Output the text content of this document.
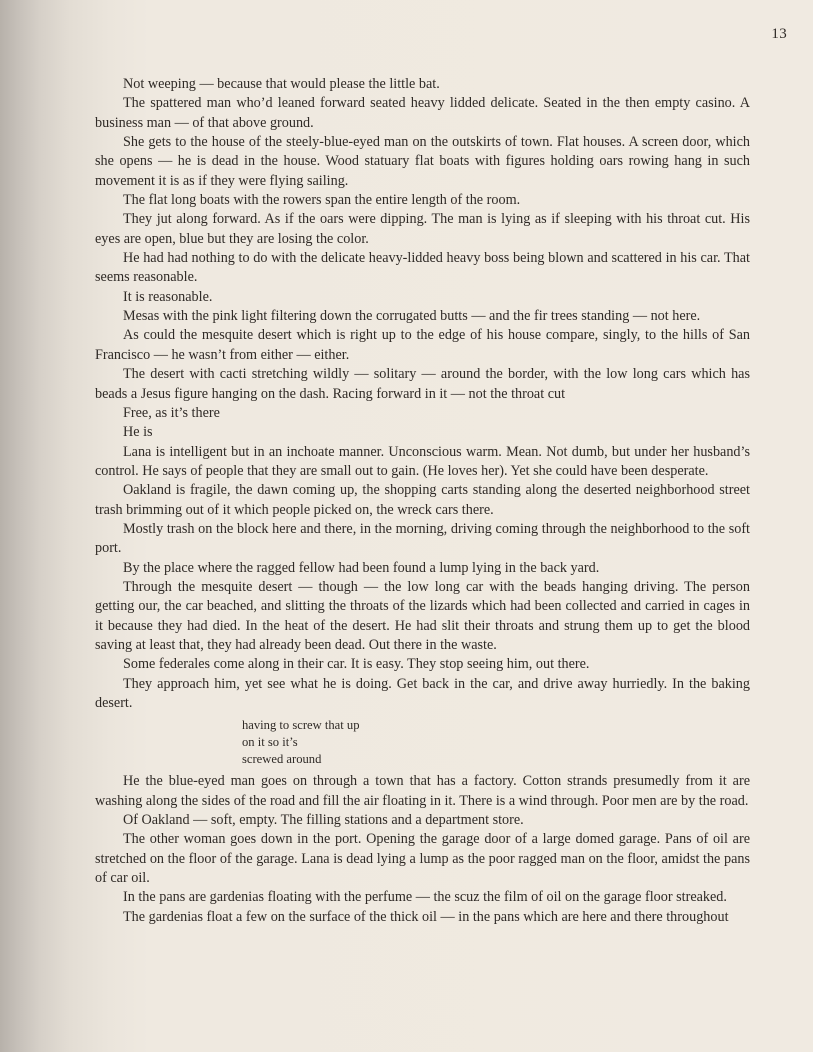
13

Not weeping — because that would please the little bat.

The spattered man who’d leaned forward seated heavy lidded delicate. Seated in the then empty casino. A business man — of that above ground.

She gets to the house of the steely-blue-eyed man on the outskirts of town. Flat houses. A screen door, which she opens — he is dead in the house. Wood statuary flat boats with figures holding oars rowing hang in such movement it is as if they were flying sailing.

The flat long boats with the rowers span the entire length of the room.

They jut along forward. As if the oars were dipping. The man is lying as if sleeping with his throat cut. His eyes are open, blue but they are losing the color.

He had had nothing to do with the delicate heavy-lidded heavy boss being blown and scattered in his car. That seems reasonable.

It is reasonable.

Mesas with the pink light filtering down the corrugated butts — and the fir trees standing — not here.

As could the mesquite desert which is right up to the edge of his house compare, singly, to the hills of San Francisco — he wasn’t from either — either.

The desert with cacti stretching wildly — solitary — around the border, with the low long cars which has beads a Jesus figure hanging on the dash. Racing forward in it — not the throat cut

Free, as it’s there

He is

Lana is intelligent but in an inchoate manner. Unconscious warm. Mean. Not dumb, but under her husband’s control. He says of people that they are small out to gain. (He loves her). Yet she could have been desperate.

Oakland is fragile, the dawn coming up, the shopping carts standing along the deserted neighborhood street trash brimming out of it which people picked on, the wreck cars there.

Mostly trash on the block here and there, in the morning, driving coming through the neighborhood to the soft port.

By the place where the ragged fellow had been found a lump lying in the back yard.

Through the mesquite desert — though — the low long car with the beads hanging driving. The person getting our, the car beached, and slitting the throats of the lizards which had been collected and carried in cages in it because they had died. In the heat of the desert. He had slit their throats and strung them up to get the blood saving at least that, they had already been dead. Out there in the waste.

Some federales come along in their car. It is easy. They stop seeing him, out there.

They approach him, yet see what he is doing. Get back in the car, and drive away hurriedly. In the baking desert.

having to screw that up
on it so it’s
screwed around

He the blue-eyed man goes on through a town that has a factory. Cotton strands presumedly from it are washing along the sides of the road and fill the air floating in it. There is a wind through. Poor men are by the road.

Of Oakland — soft, empty. The filling stations and a department store.

The other woman goes down in the port. Opening the garage door of a large domed garage. Pans of oil are stretched on the floor of the garage. Lana is dead lying a lump as the poor ragged man on the floor, amidst the pans of car oil.

In the pans are gardenias floating with the perfume — the scuz the film of oil on the garage floor streaked.

The gardenias float a few on the surface of the thick oil — in the pans which are here and there throughout
